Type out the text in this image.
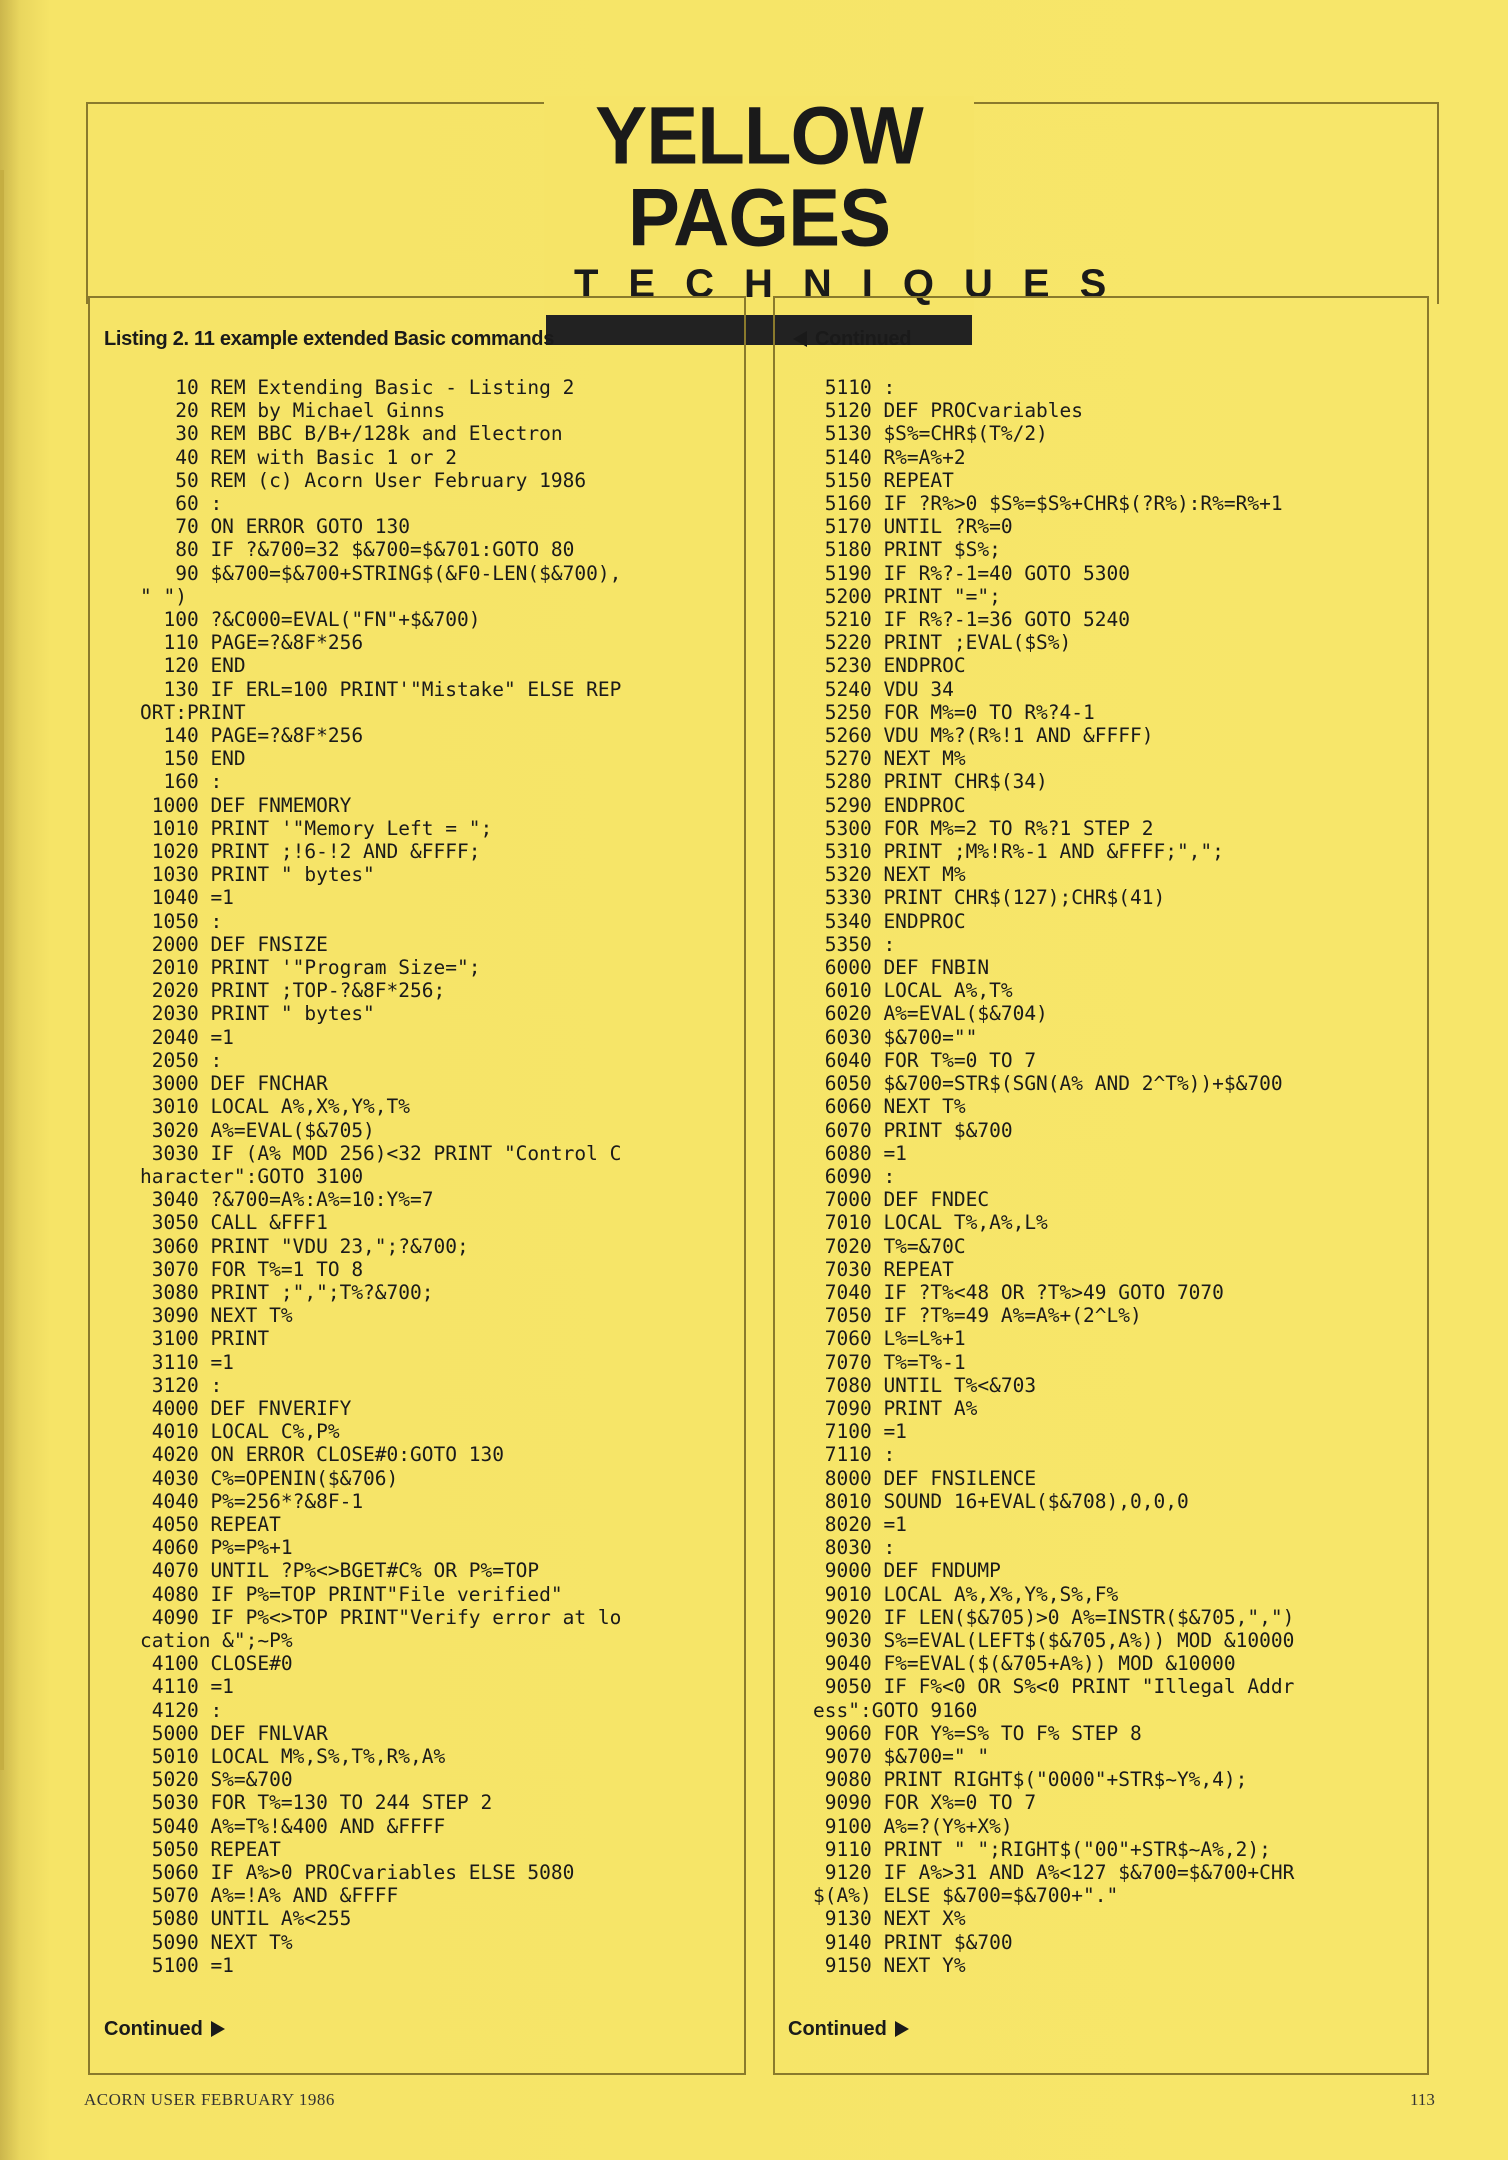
YELLOW PAGES
TECHNIQUES
Listing 2. 11 example extended Basic commands
10 REM Extending Basic - Listing 2
20 REM by Michael Ginns
30 REM BBC B/B+/128k and Electron
40 REM with Basic 1 or 2
50 REM (c) Acorn User February 1986
60 :
70 ON ERROR GOTO 130
80 IF ?&700=32 $&700=$&701:GOTO 80
90 $&700=$&700+STRING$(&F0-LEN($&700),
" ")
100 ?&C000=EVAL("FN"+$&700)
110 PAGE=?&8F*256
120 END
130 IF ERL=100 PRINT'"Mistake" ELSE REP
ORT:PRINT
140 PAGE=?&8F*256
150 END
160 :
1000 DEF FNMEMORY
1010 PRINT '"Memory Left = ";
1020 PRINT ;!6-!2 AND &FFFF;
1030 PRINT " bytes"
1040 =1
1050 :
2000 DEF FNSIZE
2010 PRINT '"Program Size=";
2020 PRINT ;TOP-?&8F*256;
2030 PRINT " bytes"
2040 =1
2050 :
3000 DEF FNCHAR
3010 LOCAL A%,X%,Y%,T%
3020 A%=EVAL($&705)
3030 IF (A% MOD 256)<32 PRINT "Control C
haracter":GOTO 3100
3040 ?&700=A%:A%=10:Y%=7
3050 CALL &FFF1
3060 PRINT "VDU 23,";?&700;
3070 FOR T%=1 TO 8
3080 PRINT ;",";T%?&700;
3090 NEXT T%
3100 PRINT
3110 =1
3120 :
4000 DEF FNVERIFY
4010 LOCAL C%,P%
4020 ON ERROR CLOSE#0:GOTO 130
4030 C%=OPENIN($&706)
4040 P%=256*?&8F-1
4050 REPEAT
4060 P%=P%+1
4070 UNTIL ?P%<>BGET#C% OR P%=TOP
4080 IF P%=TOP PRINT"File verified"
4090 IF P%<>TOP PRINT"Verify error at lo
cation &";~P%
4100 CLOSE#0
4110 =1
4120 :
5000 DEF FNLVAR
5010 LOCAL M%,S%,T%,R%,A%
5020 S%=&700
5030 FOR T%=130 TO 244 STEP 2
5040 A%=T%!&400 AND &FFFF
5050 REPEAT
5060 IF A%>0 PROCvariables ELSE 5080
5070 A%=!A% AND &FFFF
5080 UNTIL A%<255
5090 NEXT T%
5100 =1
Continued
Continued
5110 :
5120 DEF PROCvariables
5130 $S%=CHR$(T%/2)
5140 R%=A%+2
5150 REPEAT
5160 IF ?R%>0 $S%=$S%+CHR$(?R%):R%=R%+1
5170 UNTIL ?R%=0
5180 PRINT $S%;
5190 IF R%?-1=40 GOTO 5300
5200 PRINT "=";
5210 IF R%?-1=36 GOTO 5240
5220 PRINT ;EVAL($S%)
5230 ENDPROC
5240 VDU 34
5250 FOR M%=0 TO R%?4-1
5260 VDU M%?(R%!1 AND &FFFF)
5270 NEXT M%
5280 PRINT CHR$(34)
5290 ENDPROC
5300 FOR M%=2 TO R%?1 STEP 2
5310 PRINT ;M%!R%-1 AND &FFFF;",";
5320 NEXT M%
5330 PRINT CHR$(127);CHR$(41)
5340 ENDPROC
5350 :
6000 DEF FNBIN
6010 LOCAL A%,T%
6020 A%=EVAL($&704)
6030 $&700=""
6040 FOR T%=0 TO 7
6050 $&700=STR$(SGN(A% AND 2^T%))+$&700
6060 NEXT T%
6070 PRINT $&700
6080 =1
6090 :
7000 DEF FNDEC
7010 LOCAL T%,A%,L%
7020 T%=&70C
7030 REPEAT
7040 IF ?T%<48 OR ?T%>49 GOTO 7070
7050 IF ?T%=49 A%=A%+(2^L%)
7060 L%=L%+1
7070 T%=T%-1
7080 UNTIL T%<&703
7090 PRINT A%
7100 =1
7110 :
8000 DEF FNSILENCE
8010 SOUND 16+EVAL($&708),0,0,0
8020 =1
8030 :
9000 DEF FNDUMP
9010 LOCAL A%,X%,Y%,S%,F%
9020 IF LEN($&705)>0 A%=INSTR($&705,",")
9030 S%=EVAL(LEFT$($&705,A%)) MOD &10000
9040 F%=EVAL($(&705+A%)) MOD &10000
9050 IF F%<0 OR S%<0 PRINT "Illegal Addr
ess":GOTO 9160
9060 FOR Y%=S% TO F% STEP 8
9070 $&700=" "
9080 PRINT RIGHT$("0000"+STR$~Y%,4);
9090 FOR X%=0 TO 7
9100 A%=?(Y%+X%)
9110 PRINT " ";RIGHT$("00"+STR$~A%,2);
9120 IF A%>31 AND A%<127 $&700=$&700+CHR
$(A%) ELSE $&700=$&700+"."
9130 NEXT X%
9140 PRINT $&700
9150 NEXT Y%
Continued
ACORN USER FEBRUARY 1986	113
